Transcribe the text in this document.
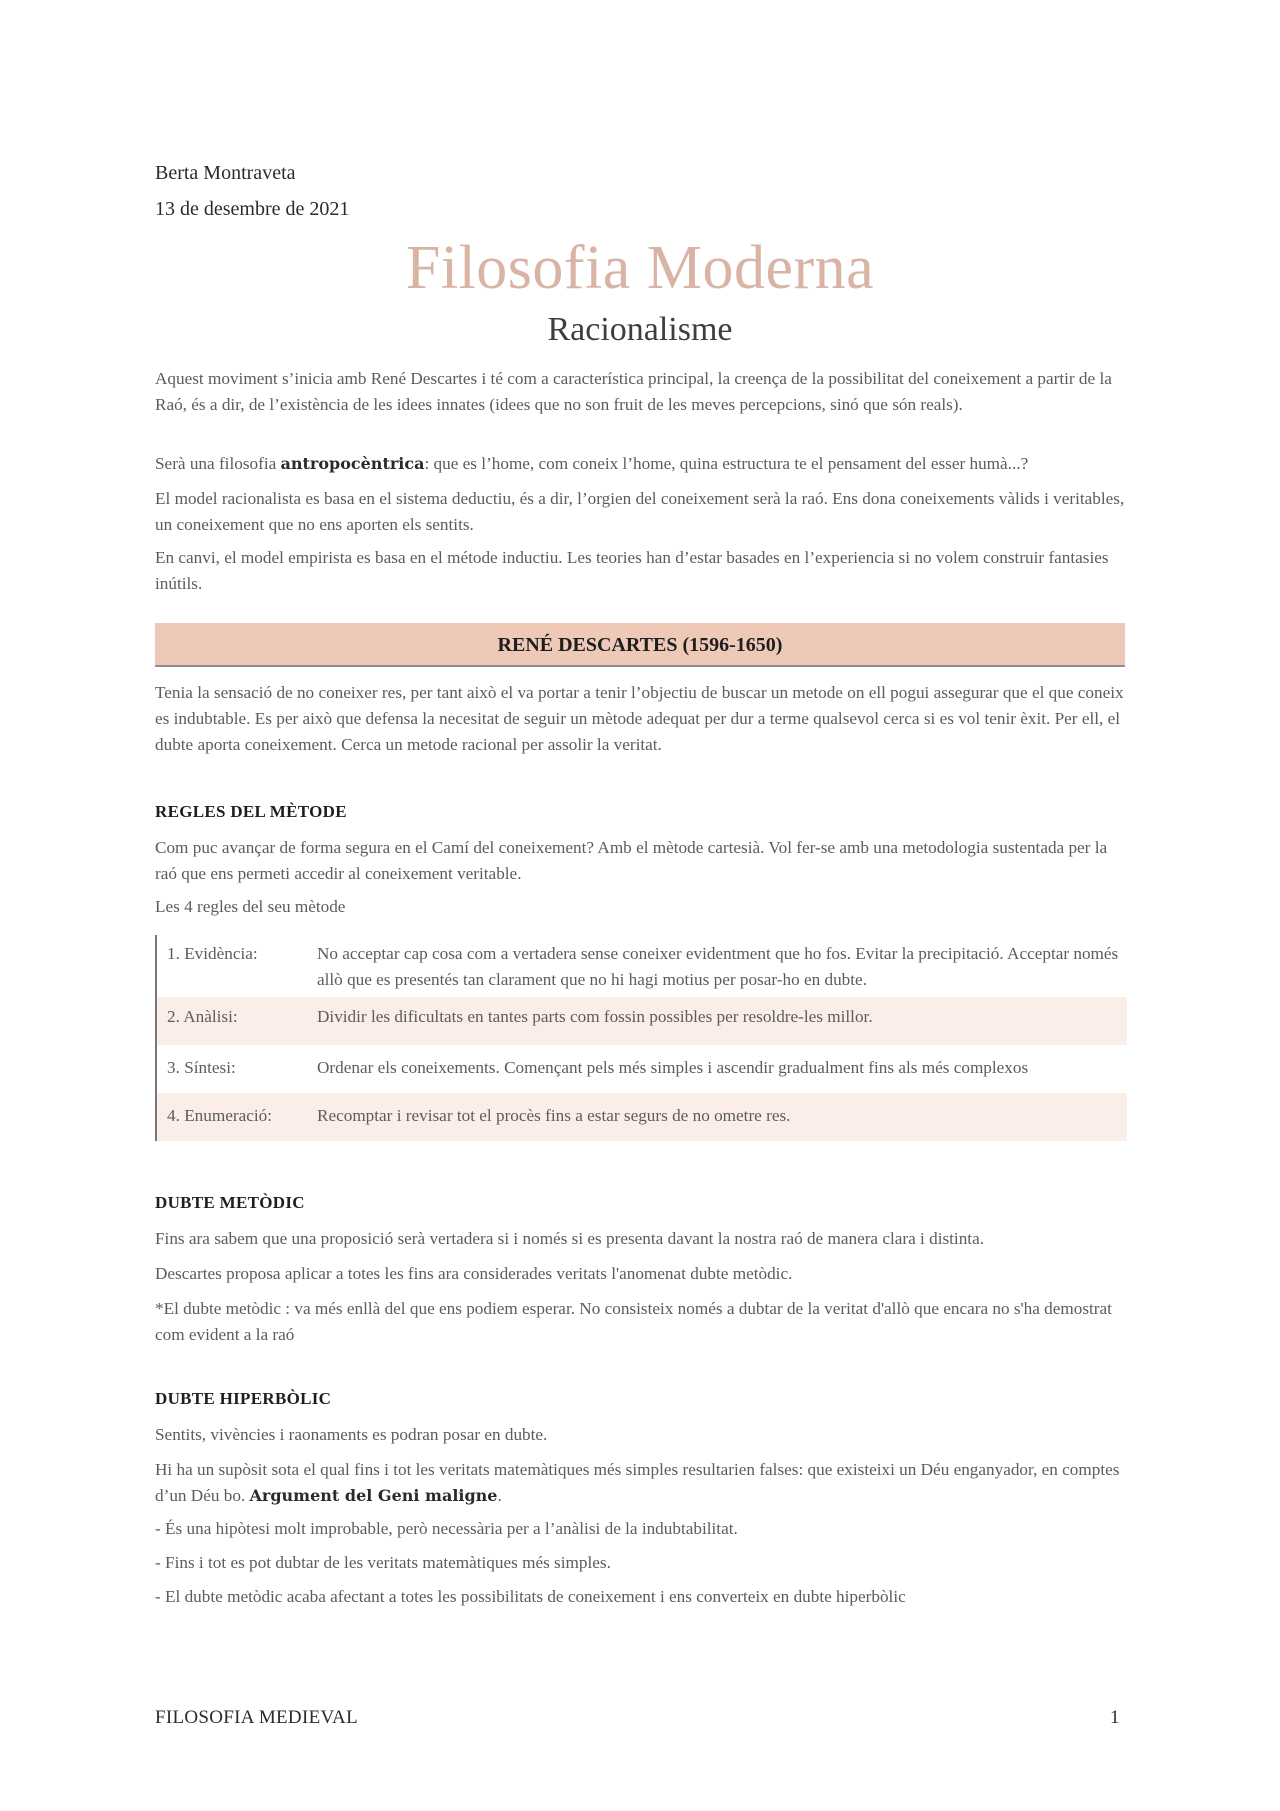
Berta Montraveta
13 de desembre de 2021
Filosofia Moderna
Racionalisme

Aquest moviment s’inicia amb René Descartes i té com a característica principal, la creença de la possibilitat del coneixement a partir de la Raó, és a dir, de l’existència de les idees innates (idees que no son fruit de les meves percepcions, sinó que són reals).

Serà una filosofia antropocèntrica: que es l’home, com coneix l’home, quina estructura te el pensament del esser humà...?

El model racionalista es basa en el sistema deductiu, és a dir, l’orgien del coneixement serà la raó. Ens dona coneixements vàlids i veritables, un coneixement que no ens aporten els sentits.

En canvi, el model empirista es basa en el métode inductiu. Les teories han d’estar basades en l’experiencia si no volem construir fantasies inútils.

RENÉ DESCARTES (1596-1650)

Tenia la sensació de no coneixer res, per tant això el va portar a tenir l’objectiu de buscar un metode on ell pogui assegurar que el que coneix es indubtable. Es per això que defensa la necesitat de seguir un mètode adequat per dur a terme qualsevol cerca si es vol tenir èxit. Per ell, el dubte aporta coneixement. Cerca un metode racional per assolir la veritat.

REGLES DEL MÈTODE

Com puc avançar de forma segura en el Camí del coneixement? Amb el mètode cartesià. Vol fer-se amb una metodologia sustentada per la raó que ens permeti accedir al coneixement veritable.

Les 4 regles del seu mètode

1. Evidència:	No acceptar cap cosa com a vertadera sense coneixer evidentment que ho fos. Evitar la precipitació. Acceptar només allò que es presentés tan clarament que no hi hagi motius per posar-ho en dubte.
2. Anàlisi:	Dividir les dificultats en tantes parts com fossin possibles per resoldre-les millor.
3. Síntesi:	Ordenar els coneixements. Començant pels més simples i ascendir gradualment fins als més complexos
4. Enumeració:	Recomptar i revisar tot el procès fins a estar segurs de no ometre res.
DUBTE METÒDIC

Fins ara sabem que una proposició serà vertadera si i només si es presenta davant la nostra raó de manera clara i distinta.

Descartes proposa aplicar a totes les fins ara considerades veritats l'anomenat dubte metòdic.

*El dubte metòdic : va més enllà del que ens podiem esperar. No consisteix només a dubtar de la veritat d'allò que encara no s'ha demostrat com evident a la raó

DUBTE HIPERBÒLIC

Sentits, vivències i raonaments es podran posar en dubte.

Hi ha un supòsit sota el qual fins i tot les veritats matemàtiques més simples resultarien falses: que existeixi un Déu enganyador, en comptes d’un Déu bo. Argument del Geni maligne.

- És una hipòtesi molt improbable, però necessària per a l’anàlisi de la indubtabilitat.
- Fins i tot es pot dubtar de les veritats matemàtiques més simples.
- El dubte metòdic acaba afectant a totes les possibilitats de coneixement i ens converteix en dubte hiperbòlic
FILOSOFIA MEDIEVAL	1
